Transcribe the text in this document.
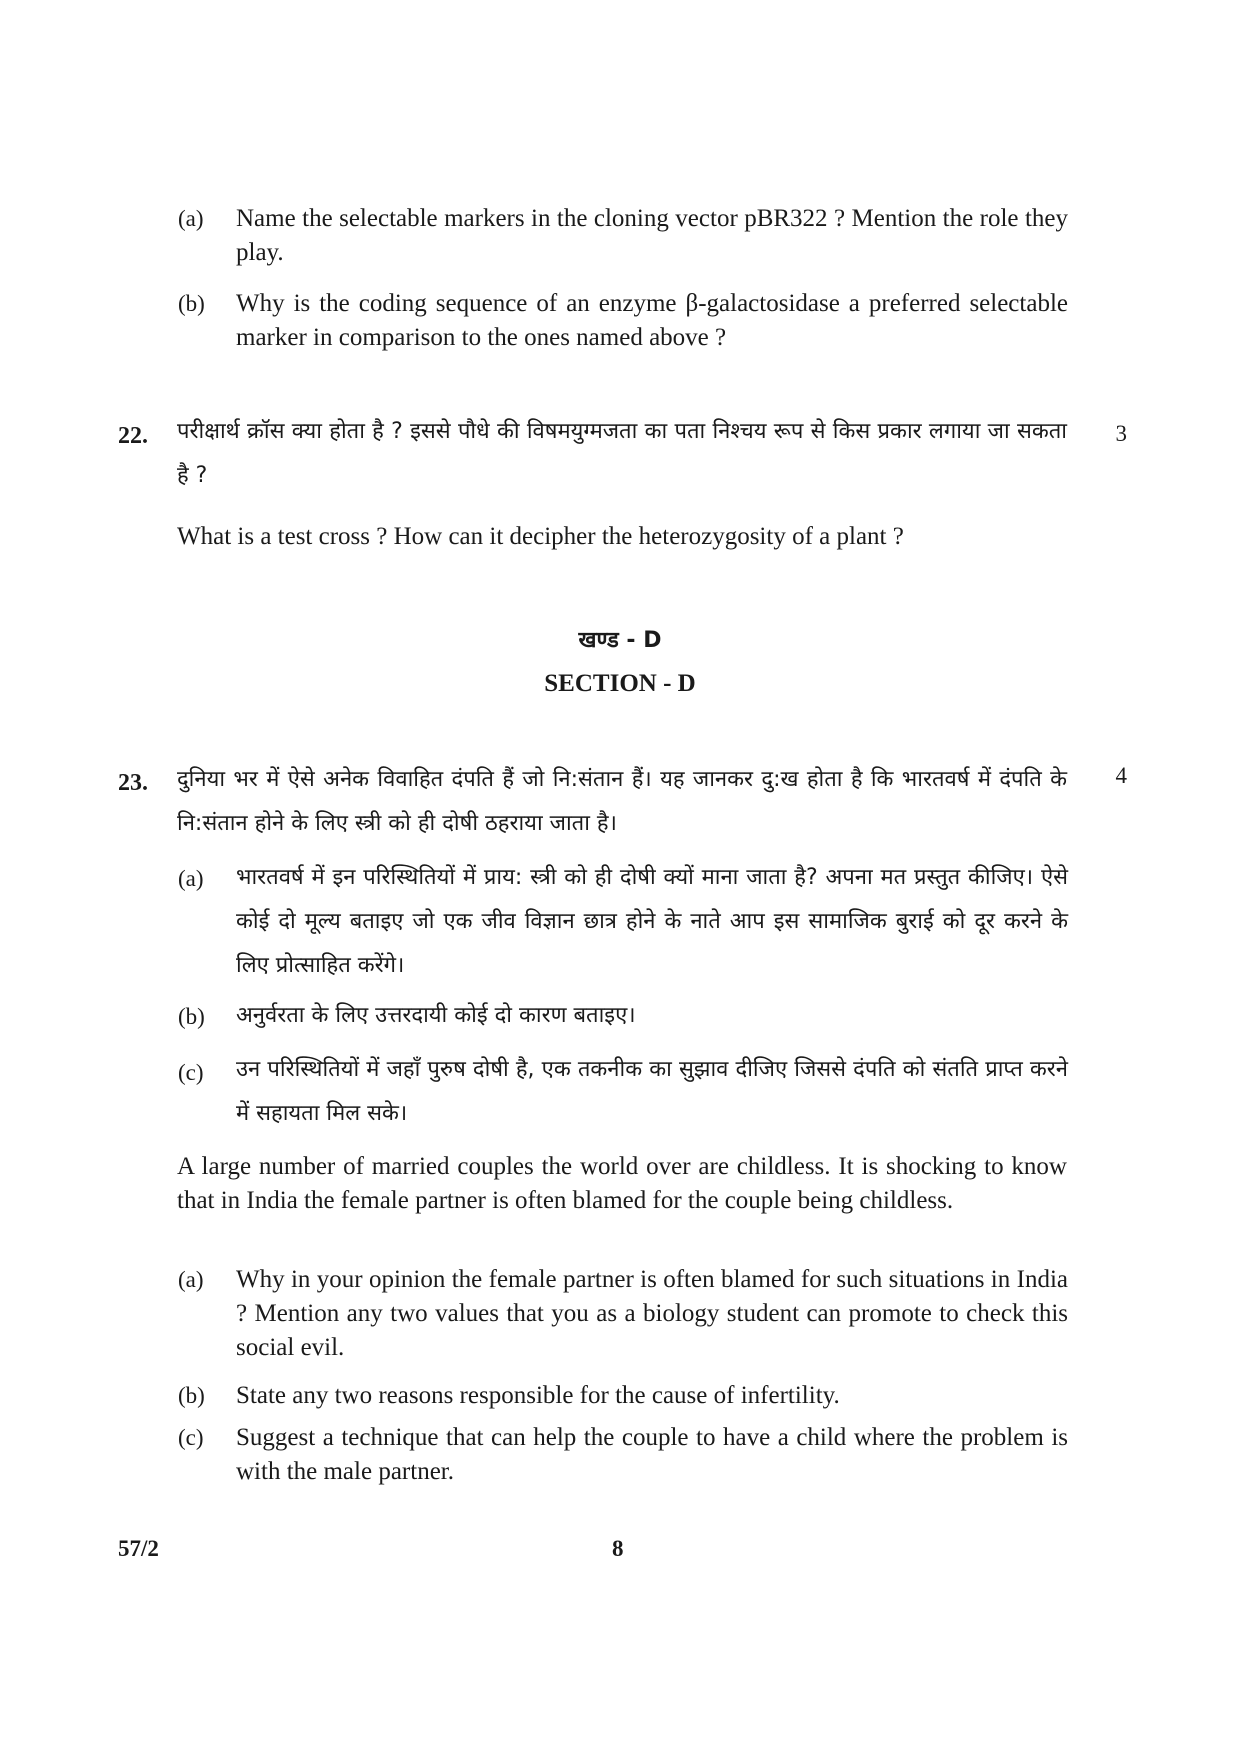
(a) Name the selectable markers in the cloning vector pBR322 ? Mention the role they play.
(b) Why is the coding sequence of an enzyme β-galactosidase a preferred selectable marker in comparison to the ones named above ?
22.	3
परीक्षार्थ क्रॉस क्या होता है ? इससे पौधे की विषमयुग्मजता का पता निश्चय रूप से किस प्रकार लगाया जा सकता है ?
What is a test cross ? How can it decipher the heterozygosity of a plant ?
खण्ड - D
SECTION - D
23.	4
दुनिया भर में ऐसे अनेक विवाहित दंपति हैं जो नि:संतान हैं। यह जानकर दु:ख होता है कि भारतवर्ष में दंपति के नि:संतान होने के लिए स्त्री को ही दोषी ठहराया जाता है।
(a) भारतवर्ष में इन परिस्थितियों में प्राय: स्त्री को ही दोषी क्यों माना जाता है? अपना मत प्रस्तुत कीजिए। ऐसे कोई दो मूल्य बताइए जो एक जीव विज्ञान छात्र होने के नाते आप इस सामाजिक बुराई को दूर करने के लिए प्रोत्साहित करेंगे।
(b) अनुर्वरता के लिए उत्तरदायी कोई दो कारण बताइए।
(c) उन परिस्थितियों में जहाँ पुरुष दोषी है, एक तकनीक का सुझाव दीजिए जिससे दंपति को संतति प्राप्त करने में सहायता मिल सके।
A large number of married couples the world over are childless. It is shocking to know that in India the female partner is often blamed for the couple being childless.
(a) Why in your opinion the female partner is often blamed for such situations in India ? Mention any two values that you as a biology student can promote to check this social evil.
(b) State any two reasons responsible for the cause of infertility.
(c) Suggest a technique that can help the couple to have a child where the problem is with the male partner.
57/2	8
